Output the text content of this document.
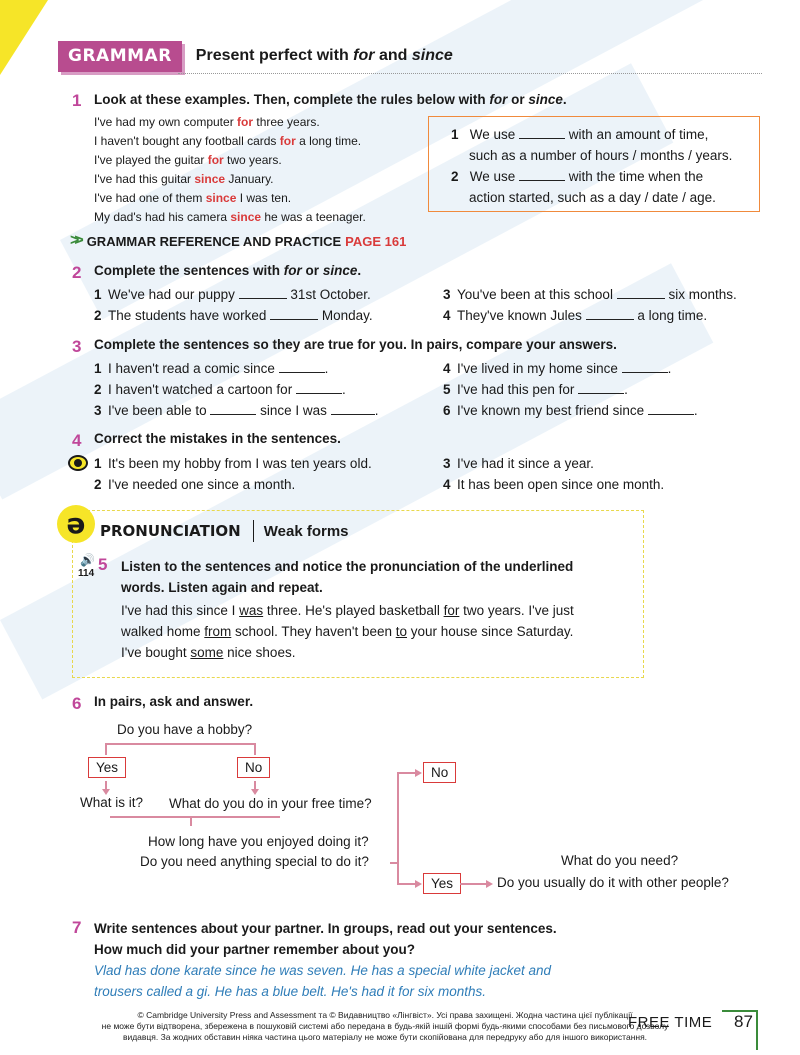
GRAMMAR	Present perfect with for and since
1 Look at these examples. Then, complete the rules below with for or since.
I've had my own computer for three years.
I haven't bought any football cards for a long time.
I've played the guitar for two years.
I've had this guitar since January.
I've had one of them since I was ten.
My dad's had his camera since he was a teenager.
1 We use	with an amount of time,
such as a number of hours / months / years.
2 We use	with the time when the
action started, such as a day / date / age.
>> GRAMMAR REFERENCE AND PRACTICE PAGE 161
2 Complete the sentences with for or since.
1 We've had our puppy	31st October.
2 The students have worked	Monday.
3 You've been at this school	six months.
4 They've known Jules	a long time.
3 Complete the sentences so they are true for you. In pairs, compare your answers.
1 I haven't read a comic since	.
2 I haven't watched a cartoon for	.
3 I've been able to	since I was	.
4 I've lived in my home since	.
5 I've had this pen for	.
6 I've known my best friend since	.
4 Correct the mistakes in the sentences.
1 It's been my hobby from I was ten years old.
2 I've needed one since a month.
3 I've had it since a year.
4 It has been open since one month.
ə PRONUNCIATION Weak forms
🔊
114 5 Listen to the sentences and notice the pronunciation of the underlined
words. Listen again and repeat.
I've had this since I was three. He's played basketball for two years. I've just
walked home from school. They haven't been to your house since Saturday.
I've bought some nice shoes.
6 In pairs, ask and answer.
Do you have a hobby?
Yes	No
What is it? What do you do in your free time?
How long have you enjoyed doing it?
Do you need anything special to do it?
No
Yes
What do you need?
Do you usually do it with other people?
7 Write sentences about your partner. In groups, read out your sentences.
How much did your partner remember about you?
Vlad has done karate since he was seven. He has a special white jacket and
trousers called a gi. He has a blue belt. He's had it for six months.
© Cambridge University Press and Assessment та © Видавництво «Лінгвіст». Усі права захищені. Жодна частина цієї публікації
не може бути відтворена, збережена в пошуковій системі або передана в будь-якій іншій формі будь-якими способами без письмового дозволу
видавця. За жодних обставин ніяка частина цього матеріалу не може бути скопійована для передруку або для іншого використання.
FREE TIME 87
